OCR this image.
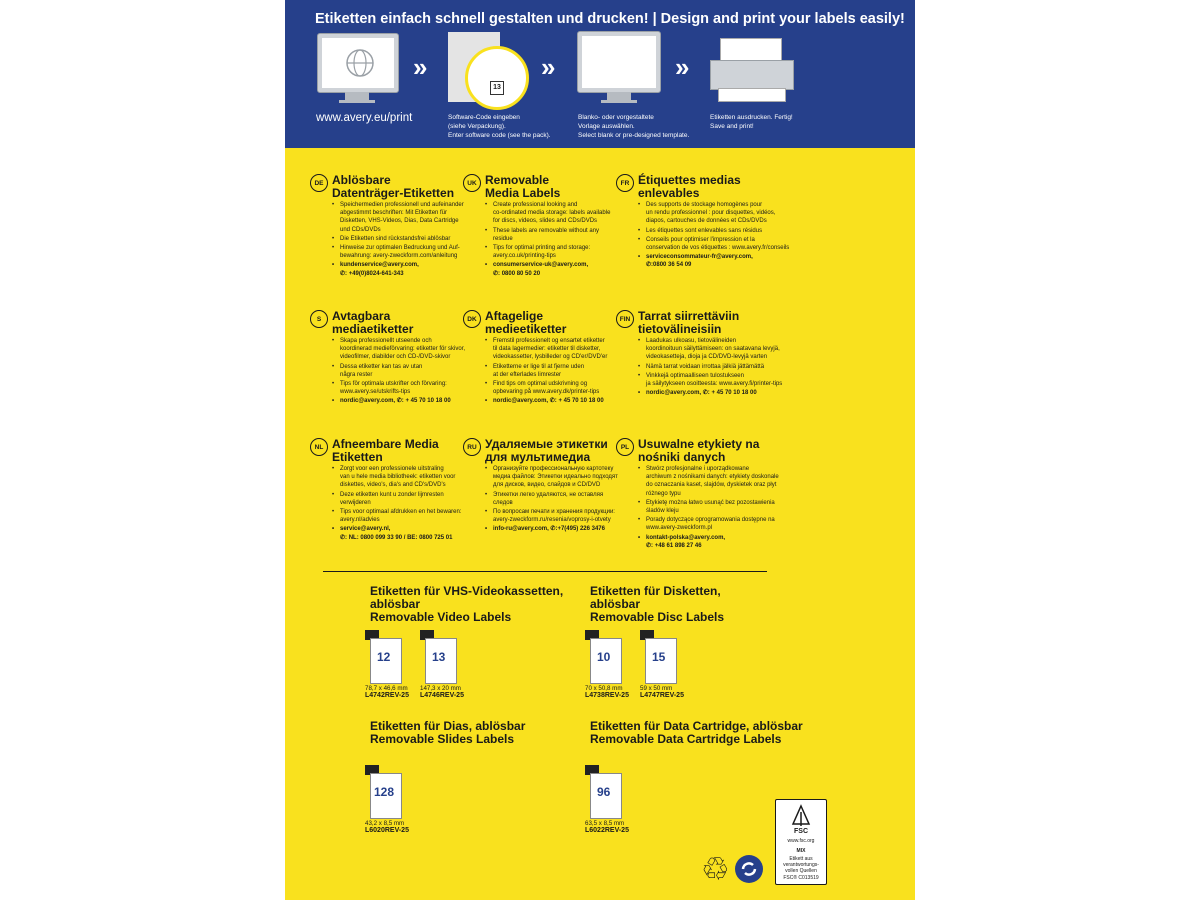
Etiketten einfach schnell gestalten und drucken! | Design and print your labels easily!
www.avery.eu/print
»
13
Software-Code eingeben
(siehe Verpackung).
Enter software code (see the pack).
»
Blanko- oder vorgestaltete
Vorlage auswählen.
Select blank or pre-designed template.
»
Etiketten ausdrucken. Fertig!
Save and print!
DE Ablösbare
Datenträger-Etiketten
• Speichermedien professionell und aufeinander
abgestimmt beschriften: Mit Etiketten für
Disketten, VHS-Videos, Dias, Data Cartridge
und CDs/DVDs
• Die Etiketten sind rückstandsfrei ablösbar
• Hinweise zur optimalen Bedruckung und Auf-
bewahrung: avery-zweckform.com/anleitung
• kundenservice@avery.com,
✆: +49(0)8024-641-343
UK Removable
Media Labels
• Create professional looking and
co-ordinated media storage: labels available
for discs, videos, slides and CDs/DVDs
• These labels are removable without any
residue
• Tips for optimal printing and storage:
avery.co.uk/printing-tips
• consumerservice-uk@avery.com,
✆: 0800 80 50 20
FR Étiquettes medias
enlevables
• Des supports de stockage homogènes pour
un rendu professionnel : pour disquettes, vidéos,
diapos, cartouches de données et CDs/DVDs
• Les étiquettes sont enlevables sans résidus
• Conseils pour optimiser l'impression et la
conservation de vos étiquettes : www.avery.fr/conseils
• serviceconsommateur-fr@avery.com,
✆:0800 36 54 09
S Avtagbara
mediaetiketter
• Skapa professionellt utseende och
koordinerad medieförvaring: etiketter för skivor,
videofilmer, diabilder och CD-/DVD-skivor
• Dessa etiketter kan tas av utan
några rester
• Tips för optimala utskrifter och förvaring:
www.avery.se/utskrifts-tips
• nordic@avery.com, ✆: + 45 70 10 18 00
DK Aftagelige
medieetiketter
• Fremstil professionelt og ensartet etiketter
til data lagermedier: etiketter til disketter,
videokassetter, lysbilleder og CD'er/DVD'er
• Etiketterne er lige til at fjerne uden
at der efterlades limrester
• Find tips om optimal udskrivning og
opbevaring på www.avery.dk/printer-tips
• nordic@avery.com, ✆: + 45 70 10 18 00
FIN Tarrat siirrettäviin
tietovälineisiin
• Laadukas ulkoasu, tietovälineiden
koordinoituun säilyttämiseen: on saatavana levyjä,
videokasetteja, dioja ja CD/DVD-levyjä varten
• Nämä tarrat voidaan irrottaa jälkiä jättämättä
• Vinkkejä optimaalliseen tulostukseen
ja säilytykseen osoitteesta: www.avery.fi/printer-tips
• nordic@avery.com, ✆: + 45 70 10 18 00
NL Afneembare Media
Etiketten
• Zorgt voor een professionele uitstraling
van u hele media bibliotheek: etiketten voor
diskettes, video's, dia's and CD's/DVD's
• Deze etiketten kunt u zonder lijmresten
verwijderen
• Tips voor optimaal afdrukken en het bewaren:
avery.nl/advies
• service@avery.nl,
✆: NL: 0800 099 33 90 / BE: 0800 725 01
RU Удаляемые этикетки
для мультимедиа
• Организуйте профессиональную картотеку
медиа файлов: Этикетки идеально подходят
для дисков, видео, слайдов и CD/DVD
• Этикетки легко удаляются, не оставляя
следов
• По вопросам печати и хранения продукции:
avery-zweckform.ru/resenia/voprosy-i-otvety
• info-ru@avery.com, ✆:+7(495) 226 3476
PL Usuwalne etykiety na
nośniki danych
• Stwórz profesjonalne i uporządkowane
archiwum z nośnikami danych: etykiety doskonale
do oznaczania kaset, slajdów, dyskietek oraz płyt
różnego typu
• Etykietę można łatwo usunąć bez pozostawienia
śladów kleju
• Porady dotyczące oprogramowania dostępne na
www.avery-zweckform.pl
• kontakt-polska@avery.com,
✆: +48 61 898 27 46
Etiketten für VHS-Videokassetten,
ablösbar
Removable Video Labels
Etiketten für Disketten,
ablösbar
Removable Disc Labels
12
78,7 x 46,6 mm
L4742REV-25
13
147,3 x 20 mm
L4746REV-25
10
70 x 50,8 mm
L4738REV-25
15
59 x 50 mm
L4747REV-25
Etiketten für Dias, ablösbar
Removable Slides Labels
Etiketten für Data Cartridge, ablösbar
Removable Data Cartridge Labels
128
43,2 x 8,5 mm
L6020REV-25
96
63,5 x 8,5 mm
L6022REV-25
♲
FSC
www.fsc.org
MIX
Etikett aus
verantwortungs-
vollen Quellen
FSC® C013519
